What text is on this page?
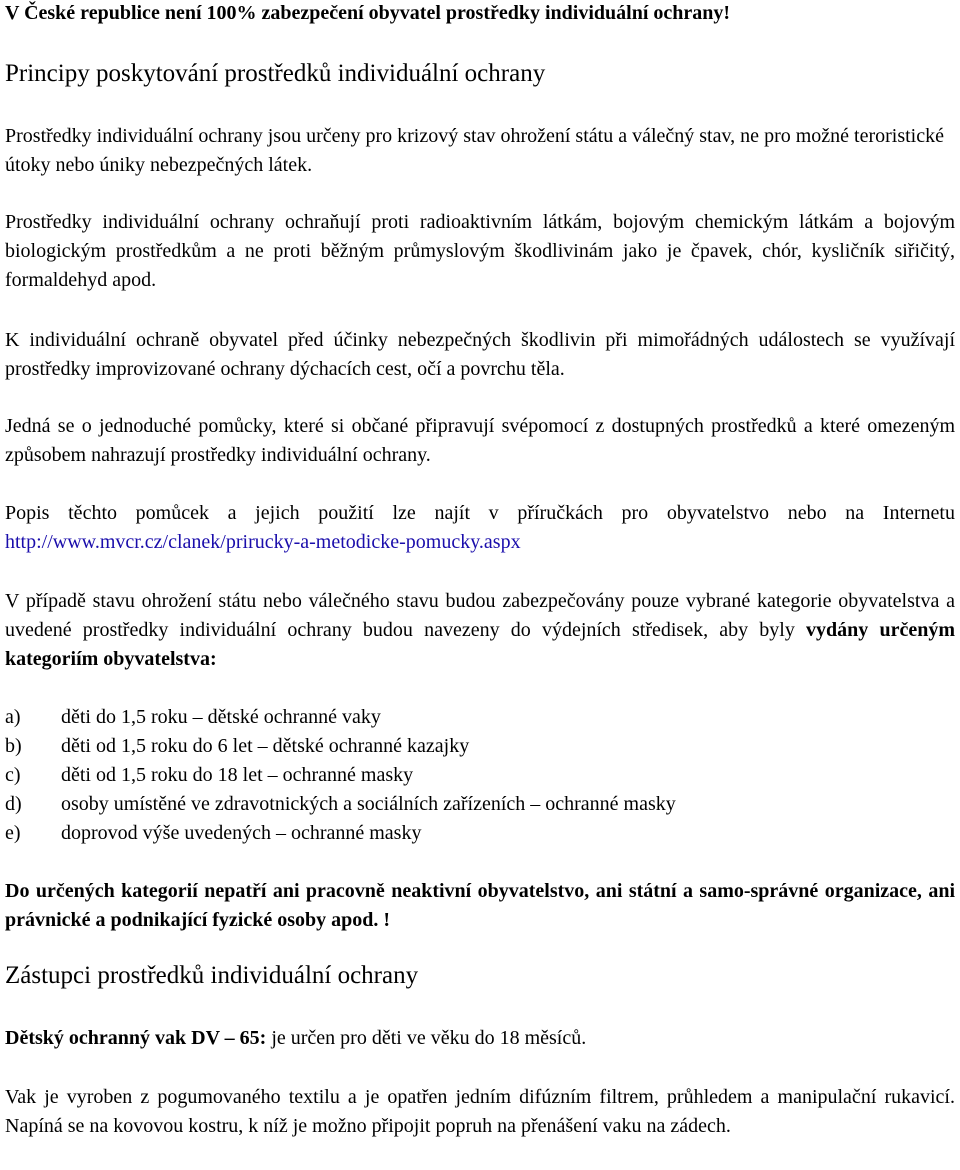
V České republice není 100% zabezpečení obyvatel prostředky individuální ochrany!
Principy poskytování prostředků individuální ochrany
Prostředky individuální ochrany jsou určeny pro krizový stav ohrožení státu a válečný stav, ne pro možné teroristické útoky nebo úniky nebezpečných látek.
Prostředky individuální ochrany ochraňují proti radioaktivním látkám, bojovým chemickým látkám a bojovým biologickým prostředkům a ne proti běžným průmyslovým škodlivinám jako je čpavek, chór, kysličník siřičitý, formaldehyd apod.
K individuální ochraně obyvatel před účinky nebezpečných škodlivin při mimořádných událostech se využívají prostředky improvizované ochrany dýchacích cest, očí a povrchu těla.
Jedná se o jednoduché pomůcky, které si občané připravují svépomocí z dostupných prostředků a které omezeným způsobem nahrazují prostředky individuální ochrany.
Popis těchto pomůcek a jejich použití lze najít v příručkách pro obyvatelstvo nebo na Internetu http://www.mvcr.cz/clanek/prirucky-a-metodicke-pomucky.aspx
V případě stavu ohrožení státu nebo válečného stavu budou zabezpečovány pouze vybrané kategorie obyvatelstva a uvedené prostředky individuální ochrany budou navezeny do výdejních středisek, aby byly vydány určeným kategoriím obyvatelstva:
a) děti do 1,5 roku – dětské ochranné vaky
b) děti od 1,5 roku do 6 let – dětské ochranné kazajky
c) děti od 1,5 roku do 18 let – ochranné masky
d) osoby umístěné ve zdravotnických a sociálních zařízeních – ochranné masky
e) doprovod výše uvedených – ochranné masky
Do určených kategorií nepatří ani pracovně neaktivní obyvatelstvo, ani státní a samo-správné organizace, ani právnické a podnikající fyzické osoby apod. !
Zástupci prostředků individuální ochrany
Dětský ochranný vak DV – 65: je určen pro děti ve věku do 18 měsíců.
Vak je vyroben z pogumovaného textilu a je opatřen jedním difúzním filtrem, průhledem a manipulační rukavicí. Napíná se na kovovou kostru, k níž je možno připojit popruh na přenášení vaku na zádech.
